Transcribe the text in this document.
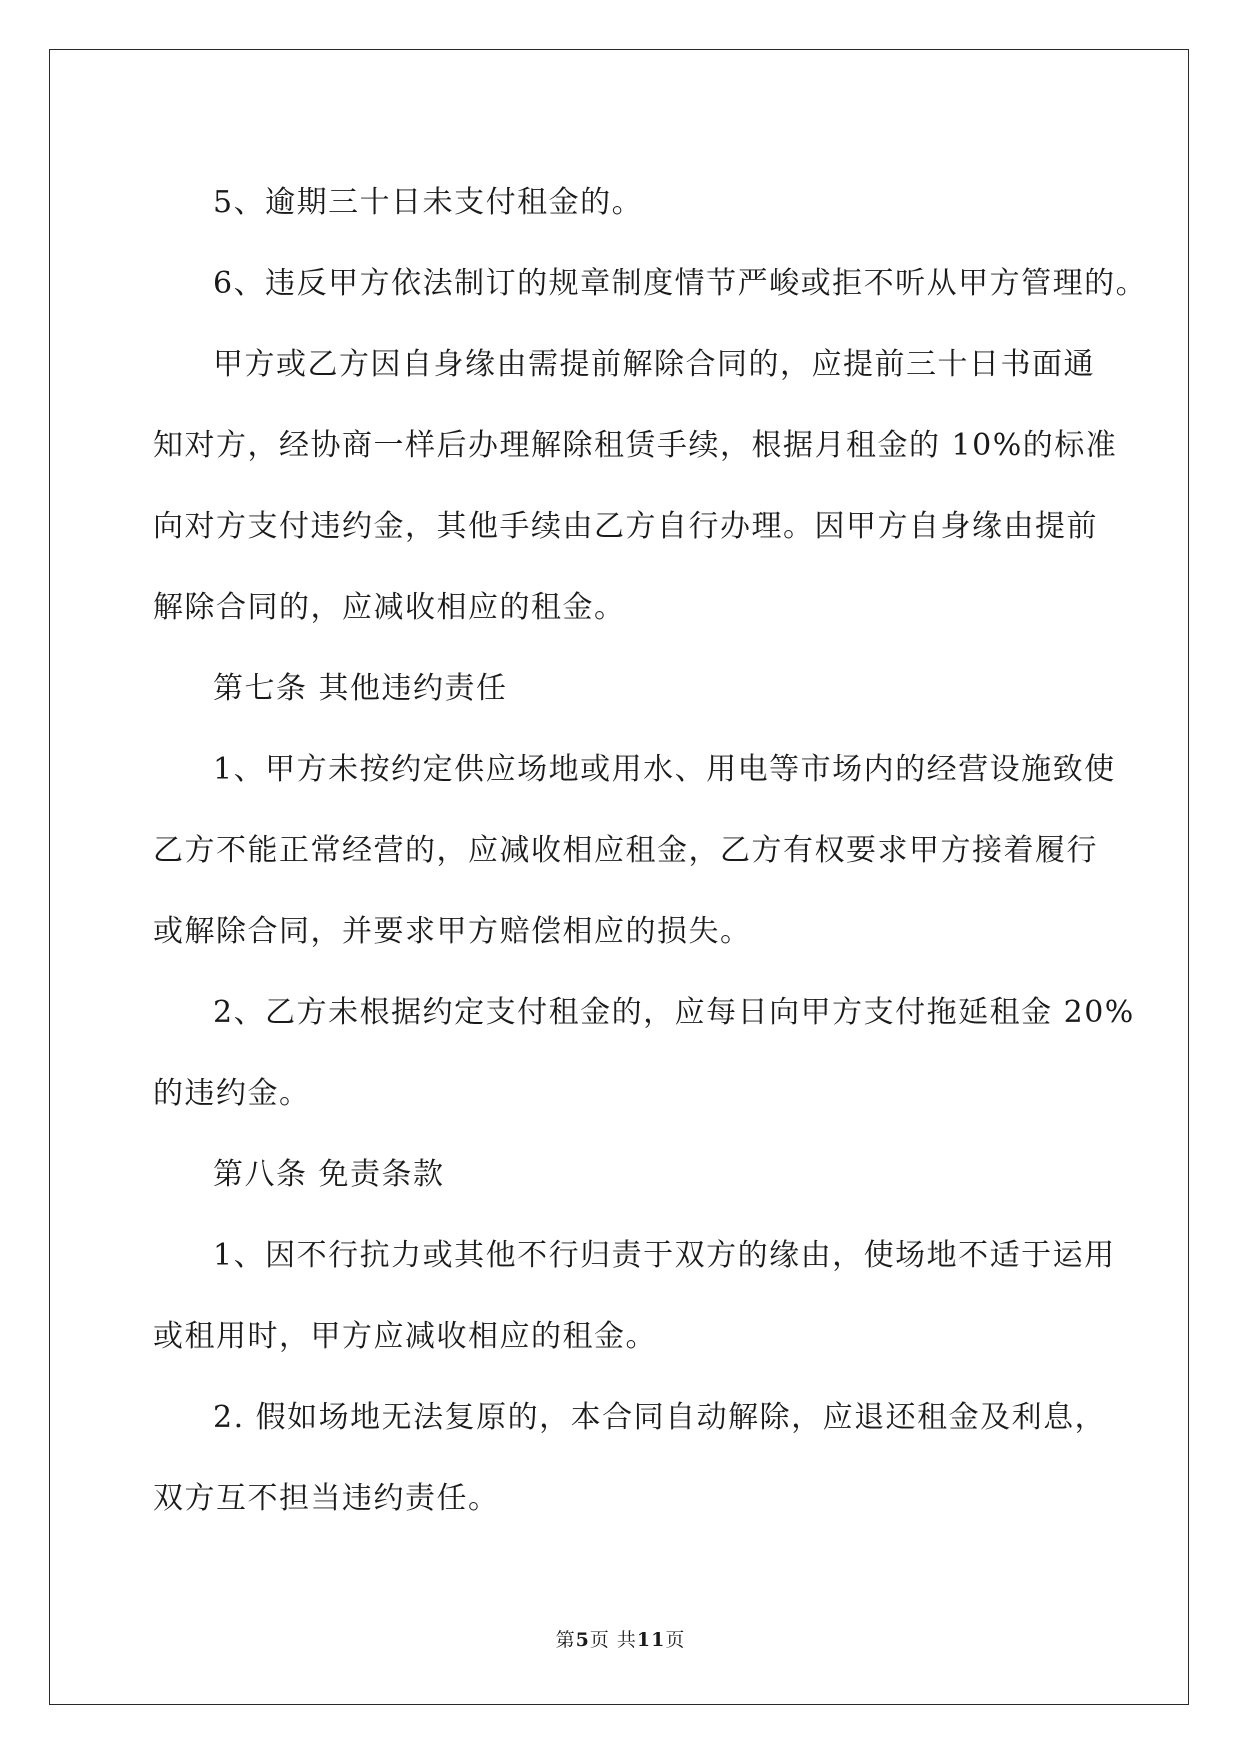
5、逾期三十日未支付租金的。
6、违反甲方依法制订的规章制度情节严峻或拒不听从甲方管理的。
甲方或乙方因自身缘由需提前解除合同的，应提前三十日书面通
知对方，经协商一样后办理解除租赁手续，根据月租金的 10%的标准
向对方支付违约金，其他手续由乙方自行办理。因甲方自身缘由提前
解除合同的，应减收相应的租金。
第七条 其他违约责任
1、甲方未按约定供应场地或用水、用电等市场内的经营设施致使
乙方不能正常经营的，应减收相应租金，乙方有权要求甲方接着履行
或解除合同，并要求甲方赔偿相应的损失。
2、乙方未根据约定支付租金的，应每日向甲方支付拖延租金 20%
的违约金。
第八条 免责条款
1、因不行抗力或其他不行归责于双方的缘由，使场地不适于运用
或租用时，甲方应减收相应的租金。
2. 假如场地无法复原的，本合同自动解除，应退还租金及利息，
双方互不担当违约责任。
第5页 共11页
